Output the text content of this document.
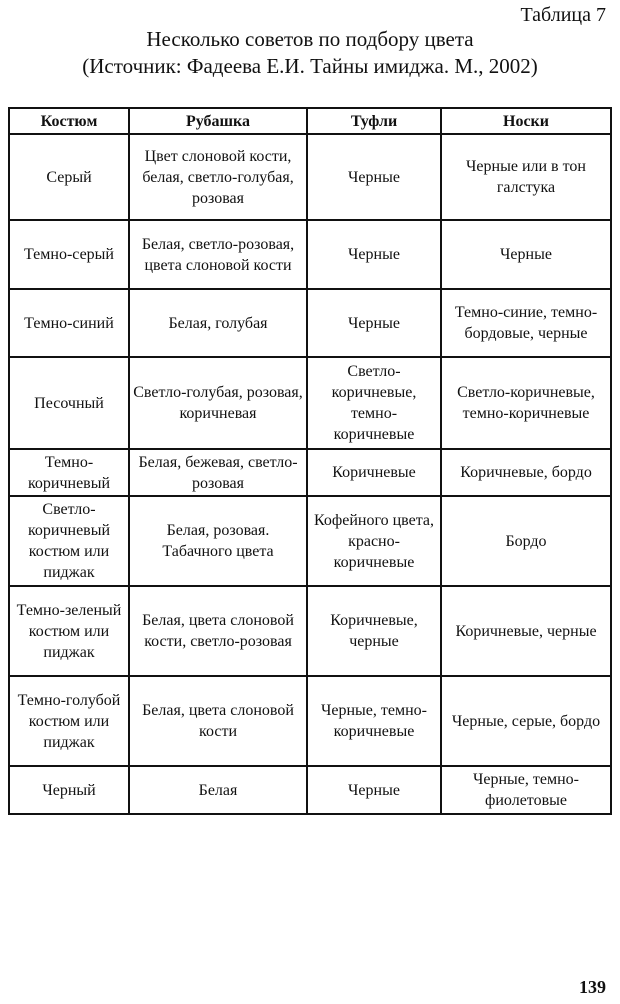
Таблица 7
Несколько советов по подбору цвета
(Источник: Фадеева Е.И. Тайны имиджа. М., 2002)
Костюм	Рубашка	Туфли	Носки
Серый	Цвет слоновой кости, белая, светло-голубая, розовая	Черные	Черные или в тон галстука
Темно-серый	Белая, светло-розовая, цвета слоновой кости	Черные	Черные
Темно-синий	Белая, голубая	Черные	Темно-синие, темно-бордовые, черные
Песочный	Светло-голубая, розовая, коричневая	Светло-коричневые, темно-коричневые	Светло-коричневые, темно-коричневые
Темно-коричневый	Белая, бежевая, светло-розовая	Коричневые	Коричневые, бордо
Светло-коричневый костюм или пиджак	Белая, розовая. Табачного цвета	Кофейного цвета, красно-коричневые	Бордо
Темно-зеленый костюм или пиджак	Белая, цвета слоновой кости, светло-розовая	Коричневые, черные	Коричневые, черные
Темно-голубой костюм или пиджак	Белая, цвета слоновой кости	Черные, темно-коричневые	Черные, серые, бордо
Черный	Белая	Черные	Черные, темно-фиолетовые
139
